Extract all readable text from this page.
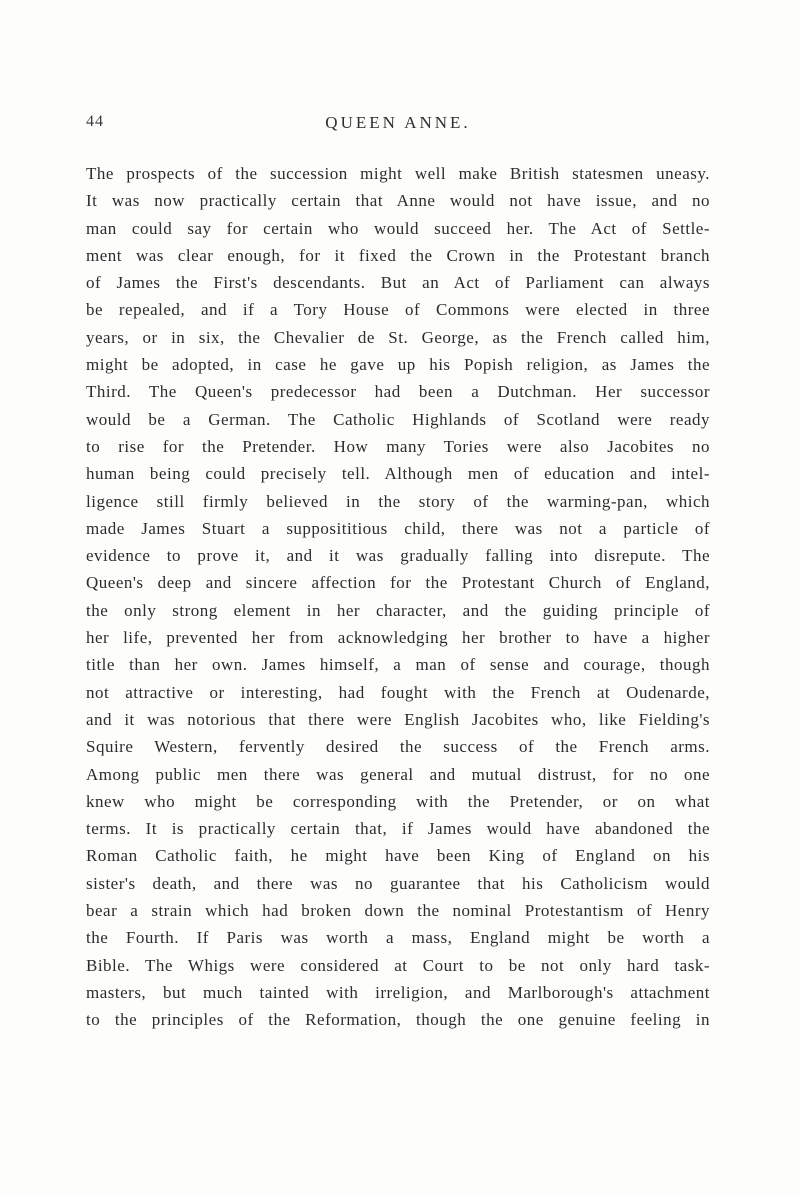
44	QUEEN ANNE.
The prospects of the succession might well make British statesmen uneasy.
It was now practically certain that Anne would not have issue, and no
man could say for certain who would succeed her. The Act of Settle-
ment was clear enough, for it fixed the Crown in the Protestant branch
of James the First's descendants. But an Act of Parliament can always
be repealed, and if a Tory House of Commons were elected in three
years, or in six, the Chevalier de St. George, as the French called him,
might be adopted, in case he gave up his Popish religion, as James the
Third. The Queen's predecessor had been a Dutchman. Her successor
would be a German. The Catholic Highlands of Scotland were ready
to rise for the Pretender. How many Tories were also Jacobites no
human being could precisely tell. Although men of education and intel-
ligence still firmly believed in the story of the warming-pan, which
made James Stuart a supposititious child, there was not a particle of
evidence to prove it, and it was gradually falling into disrepute. The
Queen's deep and sincere affection for the Protestant Church of England,
the only strong element in her character, and the guiding principle of
her life, prevented her from acknowledging her brother to have a higher
title than her own. James himself, a man of sense and courage, though
not attractive or interesting, had fought with the French at Oudenarde,
and it was notorious that there were English Jacobites who, like Fielding's
Squire Western, fervently desired the success of the French arms.
Among public men there was general and mutual distrust, for no one
knew who might be corresponding with the Pretender, or on what
terms. It is practically certain that, if James would have abandoned the
Roman Catholic faith, he might have been King of England on his
sister's death, and there was no guarantee that his Catholicism would
bear a strain which had broken down the nominal Protestantism of Henry
the Fourth. If Paris was worth a mass, England might be worth a
Bible. The Whigs were considered at Court to be not only hard task-
masters, but much tainted with irreligion, and Marlborough's attachment
to the principles of the Reformation, though the one genuine feeling in
